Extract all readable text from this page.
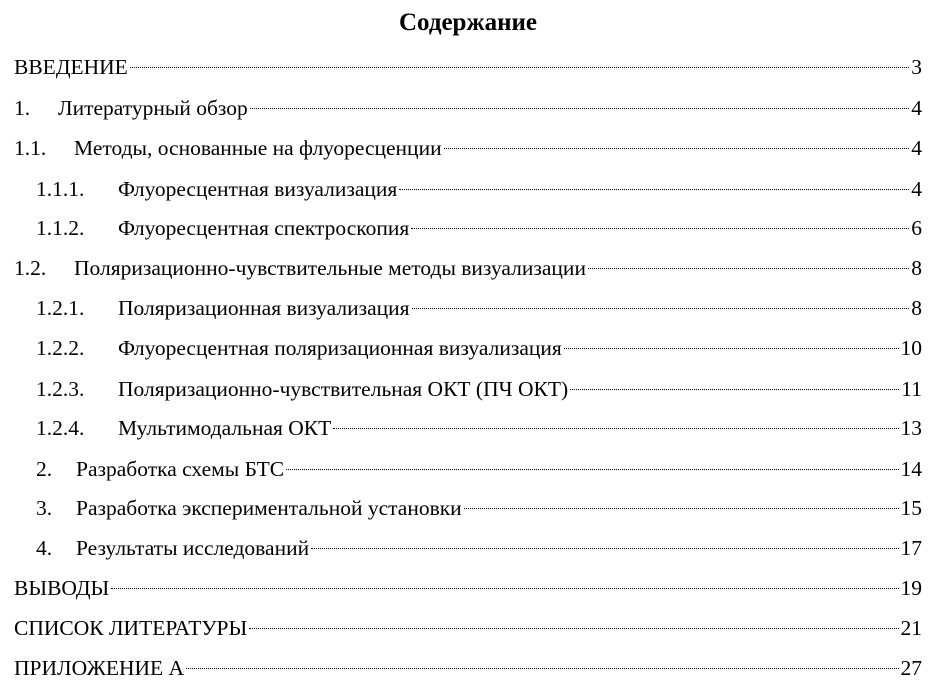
Содержание
ВВЕДЕНИЕ	3
1.	Литературный обзор	4
1.1.	Методы, основанные на флуоресценции	4
1.1.1.	Флуоресцентная визуализация	4
1.1.2.	Флуоресцентная спектроскопия	6
1.2.	Поляризационно-чувствительные методы визуализации	8
1.2.1.	Поляризационная визуализация	8
1.2.2.	Флуоресцентная поляризационная визуализация	10
1.2.3.	Поляризационно-чувствительная ОКТ (ПЧ ОКТ)	11
1.2.4.	Мультимодальная ОКТ	13
2.	Разработка схемы БТС	14
3.	Разработка экспериментальной установки	15
4.	Результаты исследований	17
ВЫВОДЫ	19
СПИСОК ЛИТЕРАТУРЫ	21
ПРИЛОЖЕНИЕ А	27
